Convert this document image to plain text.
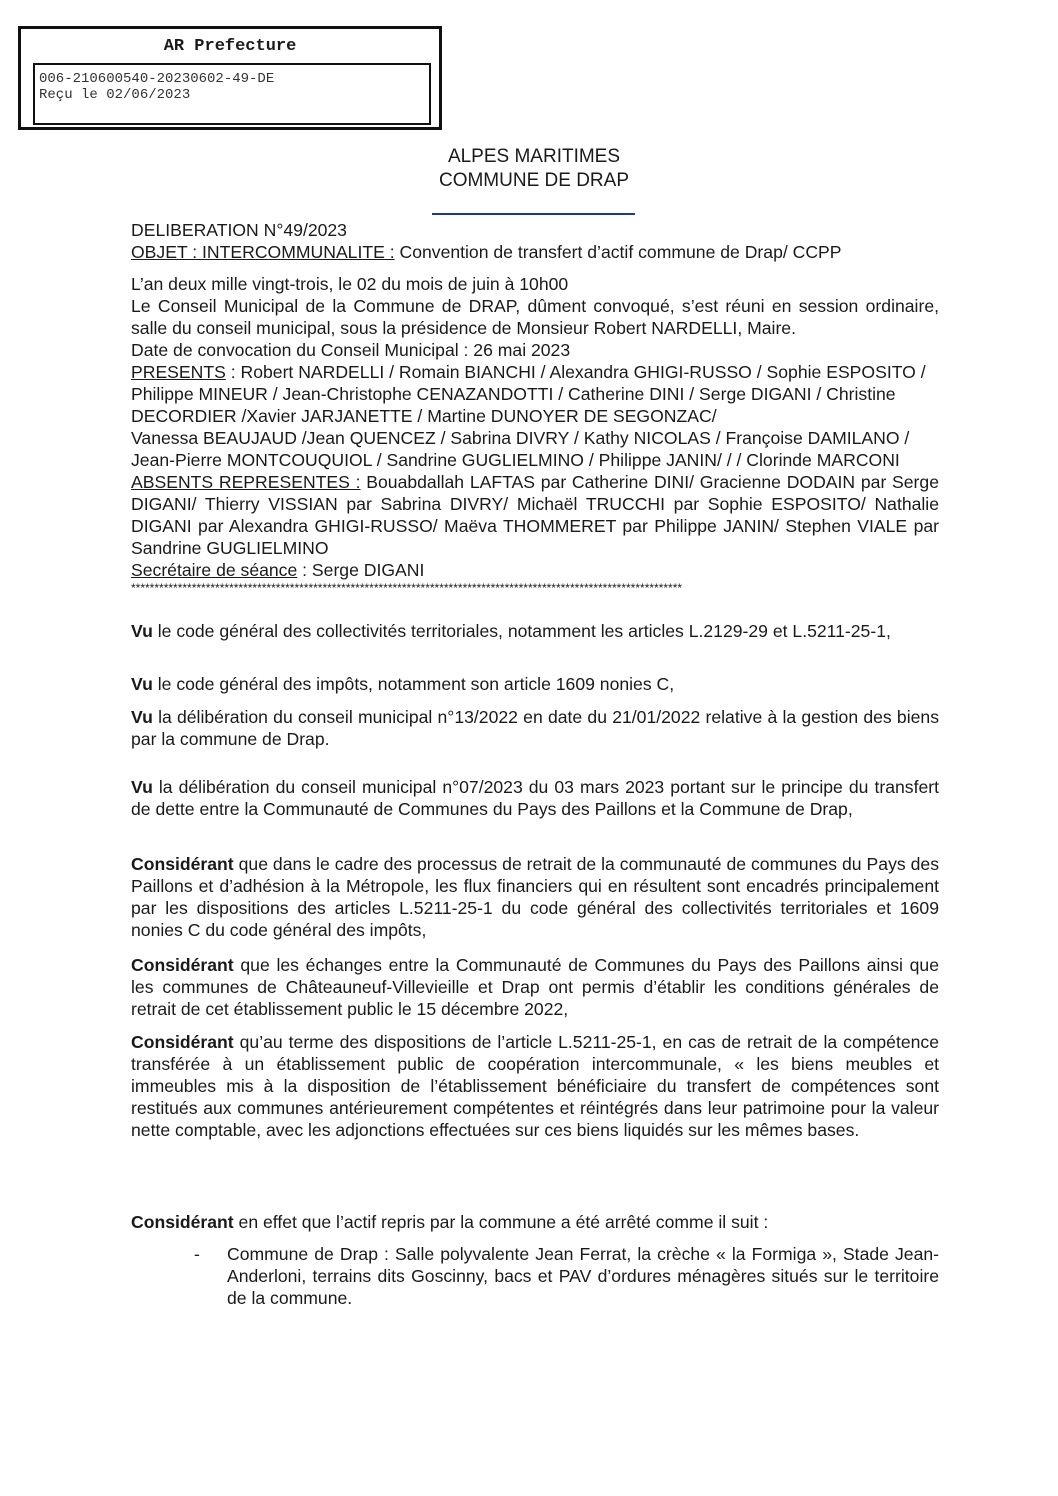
AR Prefecture
006-210600540-20230602-49-DE
Reçu le 02/06/2023
ALPES MARITIMES
COMMUNE DE DRAP

DELIBERATION N°49/2023

OBJET : INTERCOMMUNALITE : Convention de transfert d’actif commune de Drap/ CCPP

L’an deux mille vingt-trois, le 02 du mois de juin à 10h00

Le Conseil Municipal de la Commune de DRAP, dûment convoqué, s’est réuni en session ordinaire, salle du conseil municipal, sous la présidence de Monsieur Robert NARDELLI, Maire.

Date de convocation du Conseil Municipal : 26 mai 2023

PRESENTS : Robert NARDELLI / Romain BIANCHI / Alexandra GHIGI-RUSSO / Sophie ESPOSITO /

Philippe MINEUR / Jean-Christophe CENAZANDOTTI / Catherine DINI / Serge DIGANI / Christine

DECORDIER /Xavier JARJANETTE / Martine DUNOYER DE SEGONZAC/

Vanessa BEAUJAUD /Jean QUENCEZ / Sabrina DIVRY / Kathy NICOLAS / Françoise DAMILANO /

Jean-Pierre MONTCOUQUIOL / Sandrine GUGLIELMINO / Philippe JANIN/ / / Clorinde MARCONI

ABSENTS REPRESENTES : Bouabdallah LAFTAS par Catherine DINI/ Gracienne DODAIN par Serge DIGANI/ Thierry VISSIAN par Sabrina DIVRY/ Michaël TRUCCHI par Sophie ESPOSITO/ Nathalie DIGANI par Alexandra GHIGI-RUSSO/ Maëva THOMMERET par Philippe JANIN/ Stephen VIALE par Sandrine GUGLIELMINO

Secrétaire de séance : Serge DIGANI

**********************************************************************************************************************

Vu le code général des collectivités territoriales, notamment les articles L.2129-29 et L.5211-25-1,
Vu le code général des impôts, notamment son article 1609 nonies C,
Vu la délibération du conseil municipal n°13/2022 en date du 21/01/2022 relative à la gestion des biens par la commune de Drap.
Vu la délibération du conseil municipal n°07/2023 du 03 mars 2023 portant sur le principe du transfert de dette entre la Communauté de Communes du Pays des Paillons et la Commune de Drap,
Considérant que dans le cadre des processus de retrait de la communauté de communes du Pays des Paillons et d’adhésion à la Métropole, les flux financiers qui en résultent sont encadrés principalement par les dispositions des articles L.5211-25-1 du code général des collectivités territoriales et 1609 nonies C du code général des impôts,
Considérant que les échanges entre la Communauté de Communes du Pays des Paillons ainsi que les communes de Châteauneuf-Villevieille et Drap ont permis d’établir les conditions générales de retrait de cet établissement public le 15 décembre 2022,
Considérant qu’au terme des dispositions de l’article L.5211-25-1, en cas de retrait de la compétence transférée à un établissement public de coopération intercommunale, « les biens meubles et immeubles mis à la disposition de l’établissement bénéficiaire du transfert de compétences sont restitués aux communes antérieurement compétentes et réintégrés dans leur patrimoine pour la valeur nette comptable, avec les adjonctions effectuées sur ces biens liquidés sur les mêmes bases.
Considérant en effet que l’actif repris par la commune a été arrêté comme il suit :
- Commune de Drap : Salle polyvalente Jean Ferrat, la crèche « la Formiga », Stade Jean-Anderloni, terrains dits Goscinny, bacs et PAV d’ordures ménagères situés sur le territoire de la commune.
